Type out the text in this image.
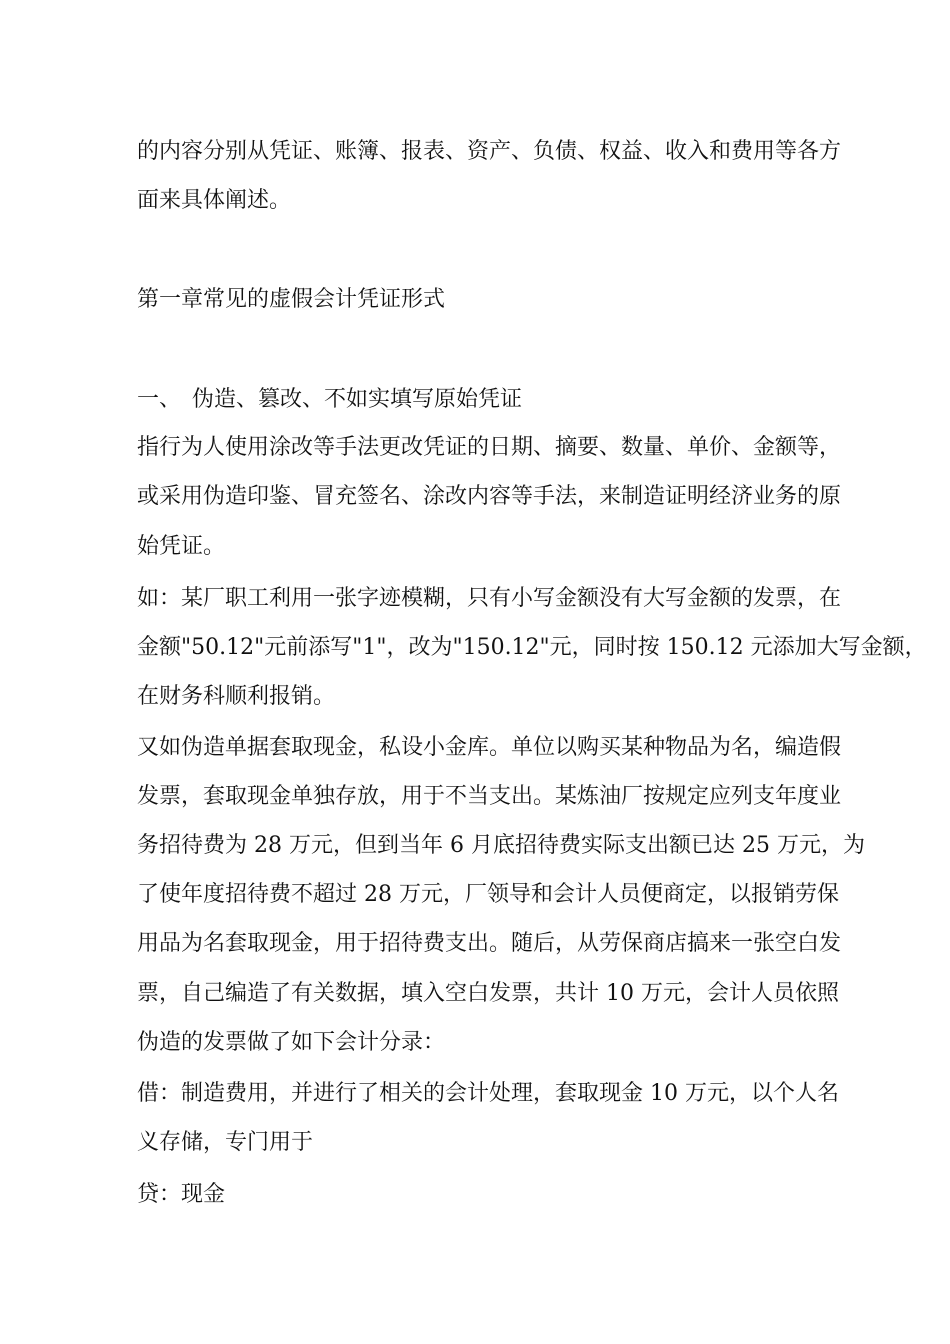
的内容分别从凭证、账簿、报表、资产、负债、权益、收入和费用等各方
面来具体阐述。
第一章常见的虚假会计凭证形式
一、　伪造、篡改、不如实填写原始凭证
指行为人使用涂改等手法更改凭证的日期、摘要、数量、单价、金额等，
或采用伪造印鉴、冒充签名、涂改内容等手法，来制造证明经济业务的原
始凭证。
如：某厂职工利用一张字迹模糊，只有小写金额没有大写金额的发票，在
金额"50.12"元前添写"1"，改为"150.12"元，同时按 150.12 元添加大写金额，
在财务科顺利报销。
又如伪造单据套取现金，私设小金库。单位以购买某种物品为名，编造假
发票，套取现金单独存放，用于不当支出。某炼油厂按规定应列支年度业
务招待费为 28 万元，但到当年 6 月底招待费实际支出额已达 25 万元，为
了使年度招待费不超过 28 万元，厂领导和会计人员便商定，以报销劳保
用品为名套取现金，用于招待费支出。随后，从劳保商店搞来一张空白发
票，自己编造了有关数据，填入空白发票，共计 10 万元，会计人员依照
伪造的发票做了如下会计分录：
借：制造费用，并进行了相关的会计处理，套取现金 10 万元，以个人名
义存储，专门用于
贷：现金
